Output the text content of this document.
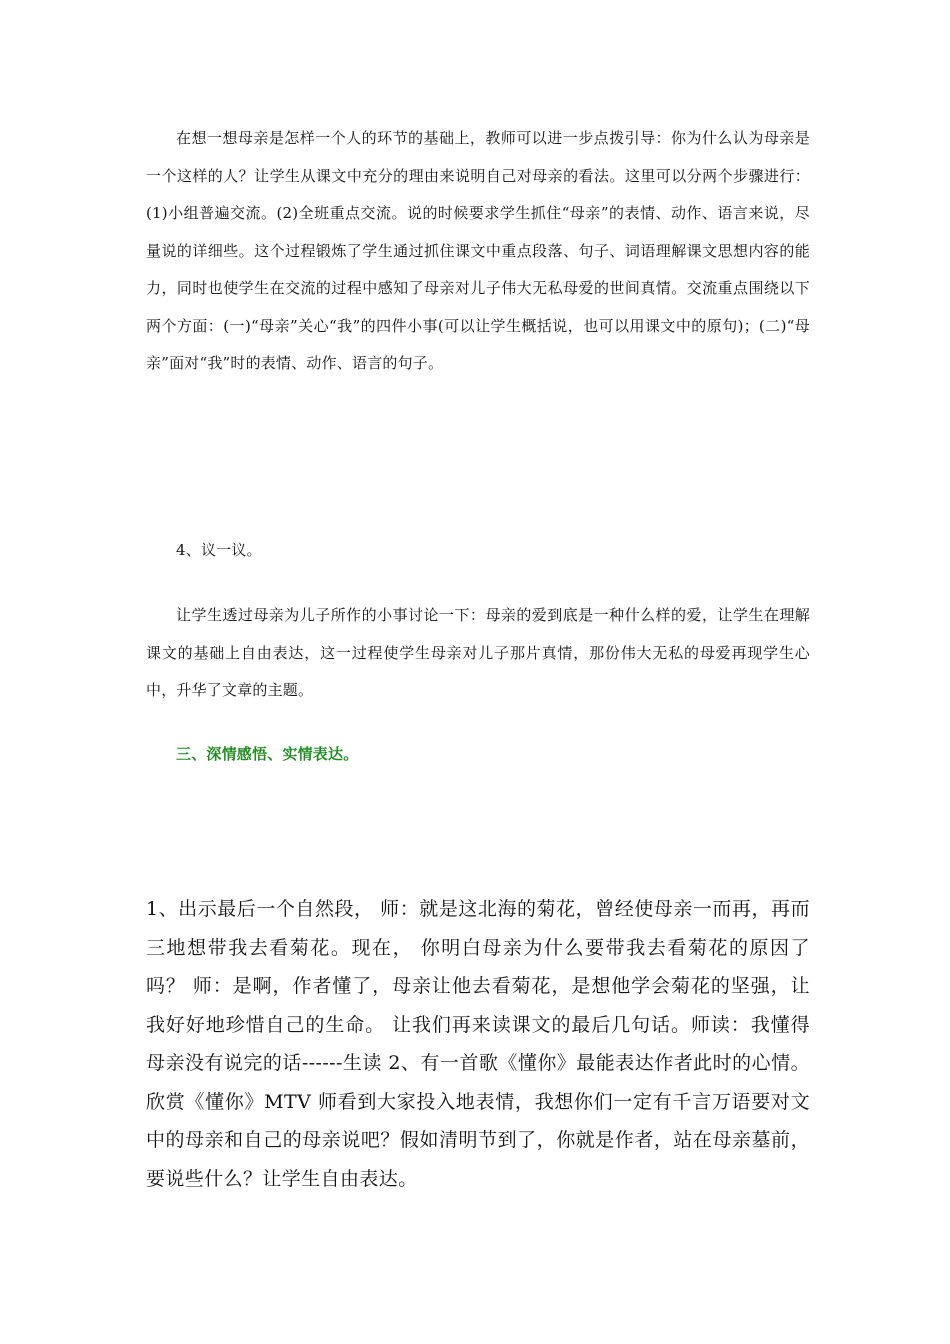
在想一想母亲是怎样一个人的环节的基础上，教师可以进一步点拨引导：你为什么认为母亲是一个这样的人？让学生从课文中充分的理由来说明自己对母亲的看法。这里可以分两个步骤进行：(1)小组普遍交流。(2)全班重点交流。说的时候要求学生抓住“母亲”的表情、动作、语言来说，尽量说的详细些。这个过程锻炼了学生通过抓住课文中重点段落、句子、词语理解课文思想内容的能力，同时也使学生在交流的过程中感知了母亲对儿子伟大无私母爱的世间真情。交流重点围绕以下两个方面：(一)“母亲”关心“我”的四件小事(可以让学生概括说，也可以用课文中的原句)；(二)“母亲”面对“我”时的表情、动作、语言的句子。

4、议一议。

让学生透过母亲为儿子所作的小事讨论一下：母亲的爱到底是一种什么样的爱，让学生在理解课文的基础上自由表达，这一过程使学生母亲对儿子那片真情，那份伟大无私的母爱再现学生心中，升华了文章的主题。

三、深情感悟、实情表达。

1、出示最后一个自然段， 师：就是这北海的菊花，曾经使母亲一而再，再而三地想带我去看菊花。现在， 你明白母亲为什么要带我去看菊花的原因了吗？ 师：是啊，作者懂了，母亲让他去看菊花，是想他学会菊花的坚强，让我好好地珍惜自己的生命。 让我们再来读课文的最后几句话。师读：我懂得母亲没有说完的话------生读 2、有一首歌《懂你》最能表达作者此时的心情。欣赏《懂你》MTV 师看到大家投入地表情，我想你们一定有千言万语要对文中的母亲和自己的母亲说吧？假如清明节到了，你就是作者，站在母亲墓前，要说些什么？让学生自由表达。
